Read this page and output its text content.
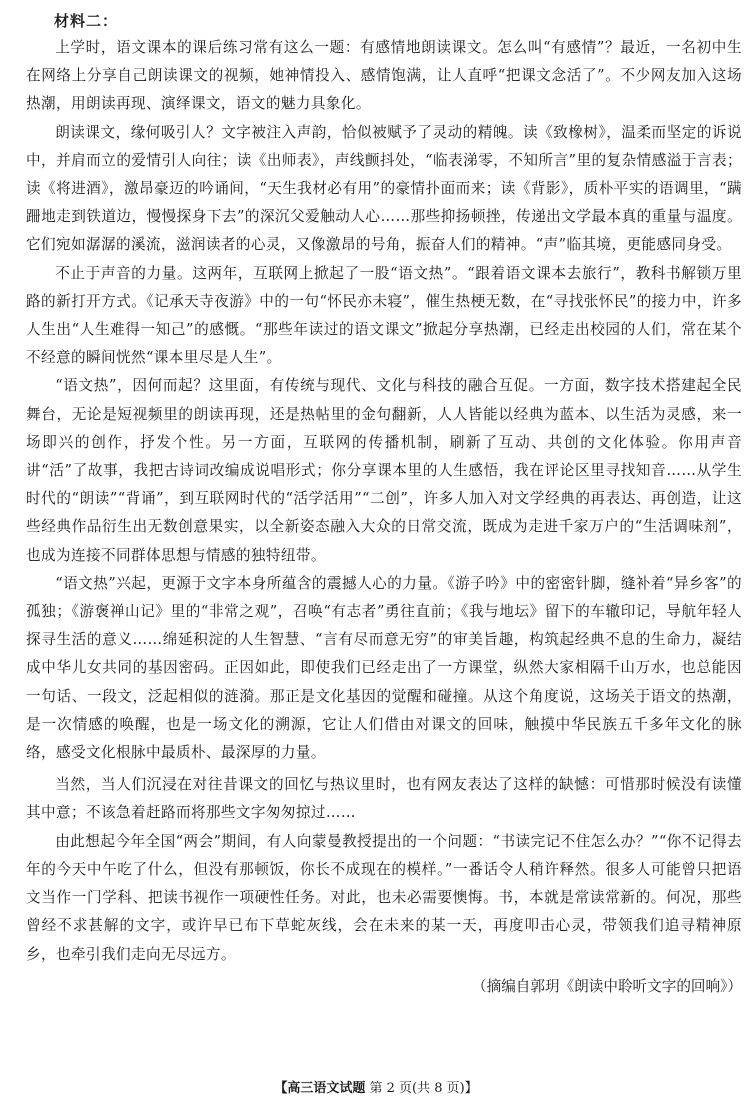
材料二：

上学时，语文课本的课后练习常有这么一题：有感情地朗读课文。怎么叫“有感情”？最近，一名初中生在网络上分享自己朗读课文的视频，她神情投入、感情饱满，让人直呼“把课文念活了”。不少网友加入这场热潮，用朗读再现、演绎课文，语文的魅力具象化。

朗读课文，缘何吸引人？文字被注入声韵，恰似被赋予了灵动的精魄。读《致橡树》，温柔而坚定的诉说中，并肩而立的爱情引人向往；读《出师表》，声线颤抖处，“临表涕零，不知所言”里的复杂情感溢于言表；读《将进酒》，激昂豪迈的吟诵间，“天生我材必有用”的豪情扑面而来；读《背影》，质朴平实的语调里，“蹒跚地走到铁道边，慢慢探身下去”的深沉父爱触动人心……那些抑扬顿挫，传递出文学最本真的重量与温度。它们宛如潺潺的溪流，滋润读者的心灵，又像激昂的号角，振奋人们的精神。“声”临其境，更能感同身受。

不止于声音的力量。这两年，互联网上掀起了一股“语文热”。“跟着语文课本去旅行”，教科书解锁万里路的新打开方式。《记承天寺夜游》中的一句“怀民亦未寝”，催生热梗无数，在“寻找张怀民”的接力中，许多人生出“人生难得一知己”的感慨。“那些年读过的语文课文”掀起分享热潮，已经走出校园的人们，常在某个不经意的瞬间恍然“课本里尽是人生”。

“语文热”，因何而起？这里面，有传统与现代、文化与科技的融合互促。一方面，数字技术搭建起全民舞台，无论是短视频里的朗读再现，还是热帖里的金句翻新，人人皆能以经典为蓝本、以生活为灵感，来一场即兴的创作，抒发个性。另一方面，互联网的传播机制，刷新了互动、共创的文化体验。你用声音讲“活”了故事，我把古诗词改编成说唱形式；你分享课本里的人生感悟，我在评论区里寻找知音……从学生时代的“朗读”“背诵”，到互联网时代的“活学活用”“二创”，许多人加入对文学经典的再表达、再创造，让这些经典作品衍生出无数创意果实，以全新姿态融入大众的日常交流，既成为走进千家万户的“生活调味剂”，也成为连接不同群体思想与情感的独特纽带。

“语文热”兴起，更源于文字本身所蕴含的震撼人心的力量。《游子吟》中的密密针脚，缝补着“异乡客”的孤独；《游褒禅山记》里的“非常之观”，召唤“有志者”勇往直前；《我与地坛》留下的车辙印记，导航年轻人探寻生活的意义……绵延积淀的人生智慧、“言有尽而意无穷”的审美旨趣，构筑起经典不息的生命力，凝结成中华儿女共同的基因密码。正因如此，即使我们已经走出了一方课堂，纵然大家相隔千山万水，也总能因一句话、一段文，泛起相似的涟漪。那正是文化基因的觉醒和碰撞。从这个角度说，这场关于语文的热潮，是一次情感的唤醒，也是一场文化的溯源，它让人们借由对课文的回味，触摸中华民族五千多年文化的脉络，感受文化根脉中最质朴、最深厚的力量。

当然，当人们沉浸在对往昔课文的回忆与热议里时，也有网友表达了这样的缺憾：可惜那时候没有读懂其中意；不该急着赶路而将那些文字匆匆掠过……

由此想起今年全国“两会”期间，有人向蒙曼教授提出的一个问题：“书读完记不住怎么办？”“你不记得去年的今天中午吃了什么，但没有那顿饭，你长不成现在的模样。”一番话令人稍许释然。很多人可能曾只把语文当作一门学科、把读书视作一项硬性任务。对此，也未必需要懊悔。书，本就是常读常新的。何况，那些曾经不求甚解的文字，或许早已布下草蛇灰线，会在未来的某一天，再度叩击心灵，带领我们追寻精神原乡，也牵引我们走向无尽远方。

（摘编自郭玥《朗读中聆听文字的回响》）
【高三语文试题 第 2 页(共 8 页)】
